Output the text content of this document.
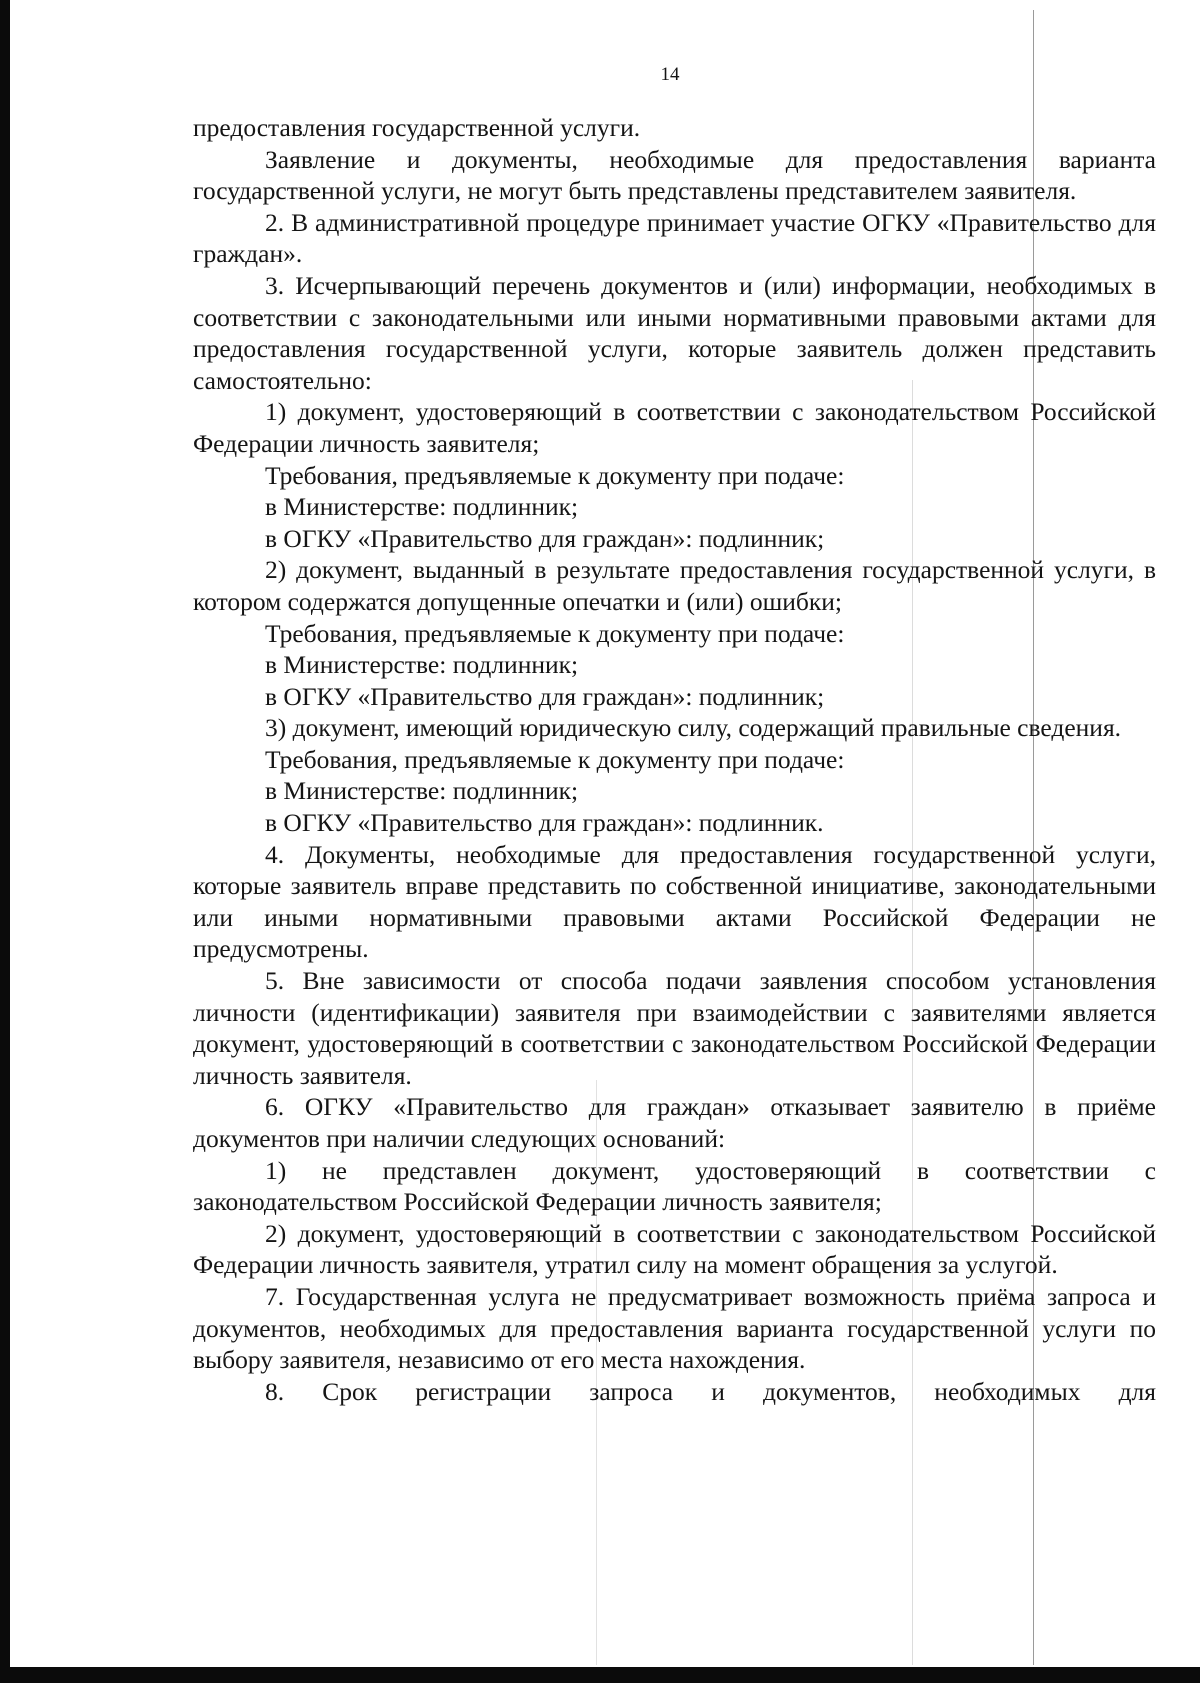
14

предоставления государственной услуги.

Заявление и документы, необходимые для предоставления варианта государственной услуги, не могут быть представлены представителем заявителя.

2. В административной процедуре принимает участие ОГКУ «Правительство для граждан».

3. Исчерпывающий перечень документов и (или) информации, необходимых в соответствии с законодательными или иными нормативными правовыми актами для предоставления государственной услуги, которые заявитель должен представить самостоятельно:

1) документ, удостоверяющий в соответствии с законодательством Российской Федерации личность заявителя;

Требования, предъявляемые к документу при подаче:

в Министерстве: подлинник;

в ОГКУ «Правительство для граждан»: подлинник;

2) документ, выданный в результате предоставления государственной услуги, в котором содержатся допущенные опечатки и (или) ошибки;

Требования, предъявляемые к документу при подаче:

в Министерстве: подлинник;

в ОГКУ «Правительство для граждан»: подлинник;

3) документ, имеющий юридическую силу, содержащий правильные сведения.

Требования, предъявляемые к документу при подаче:

в Министерстве: подлинник;

в ОГКУ «Правительство для граждан»: подлинник.

4. Документы, необходимые для предоставления государственной услуги, которые заявитель вправе представить по собственной инициативе, законодательными или иными нормативными правовыми актами Российской Федерации не предусмотрены.

5. Вне зависимости от способа подачи заявления способом установления личности (идентификации) заявителя при взаимодействии с заявителями является документ, удостоверяющий в соответствии с законодательством Российской Федерации личность заявителя.

6. ОГКУ «Правительство для граждан» отказывает заявителю в приёме документов при наличии следующих оснований:

1) не представлен документ, удостоверяющий в соответствии с законодательством Российской Федерации личность заявителя;

2) документ, удостоверяющий в соответствии с законодательством Российской Федерации личность заявителя, утратил силу на момент обращения за услугой.

7. Государственная услуга не предусматривает возможность приёма запроса и документов, необходимых для предоставления варианта государственной услуги по выбору заявителя, независимо от его места нахождения.

8. Срок регистрации запроса и документов, необходимых для
